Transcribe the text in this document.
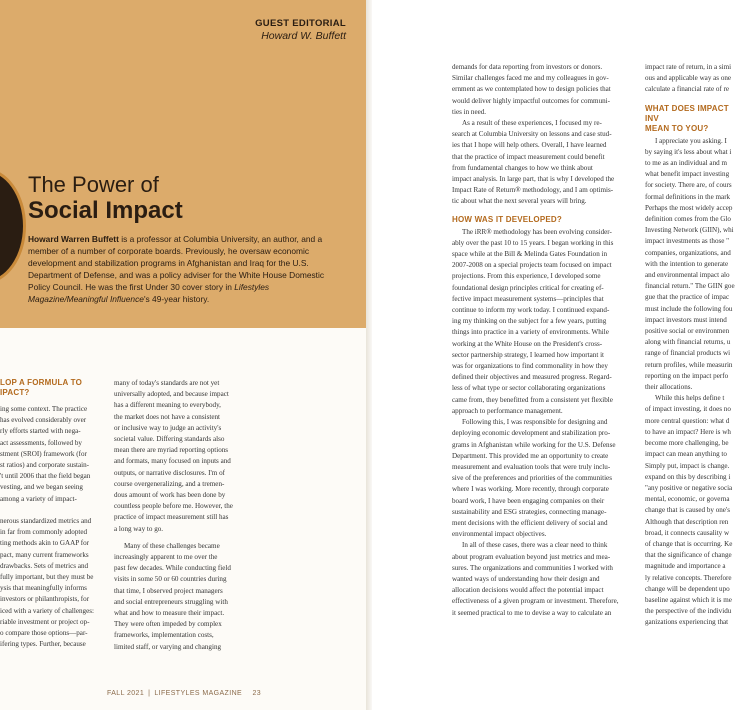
GUEST EDITORIAL
Howard W. Buffett
The Power of
Social Impact
Howard Warren Buffett is a professor at Columbia University, an author, and a member of a number of corporate boards. Previously, he oversaw economic development and stabilization programs in Afghanistan and Iraq for the U.S. Department of Defense, and was a policy adviser for the White House Domestic Policy Council. He was the first Under 30 cover story in Lifestyles Magazine/Meaningful Influence's 49-year history.
LOP A FORMULA TO
IPACT?

ing some context. The practice
has evolved considerably over
rly efforts started with nega-
act assessments, followed by
stment (SROI) framework (for
st ratios) and corporate sustain-
't until 2006 that the field began
vesting, and we began seeing
among a variety of impact-

nerous standardized metrics and
in far from commonly adopted
ting methods akin to GAAP for
pact, many current frameworks
drawbacks. Sets of metrics and
fully important, but they must be
ysis that meaningfully informs
investors or philanthropists, for
iced with a variety of challenges:
riable investment or project op-
o compare those options—par-
ifering types. Further, because

many of today's standards are not yet
universally adopted, and because impact
has a different meaning to everybody,
the market does not have a consistent
or inclusive way to judge an activity's
societal value. Differing standards also
mean there are myriad reporting options
and formats, many focused on inputs and
outputs, or narrative disclosures. I'm of
course overgeneralizing, and a tremen-
dous amount of work has been done by
countless people before me. However, the
practice of impact measurement still has
a long way to go.

Many of these challenges became
increasingly apparent to me over the
past few decades. While conducting field
visits in some 50 or 60 countries during
that time, I observed project managers
and social entrepreneurs struggling with
what and how to measure their impact.
They were often impeded by complex
frameworks, implementation costs,
limited staff, or varying and changing

FALL 2021 | LIFESTYLES MAGAZINE 23

demands for data reporting from investors or donors.
Similar challenges faced me and my colleagues in gov-
ernment as we contemplated how to design policies that
would deliver highly impactful outcomes for communi-
ties in need.

As a result of these experiences, I focused my re-
search at Columbia University on lessons and case stud-
ies that I hope will help others. Overall, I have learned
that the practice of impact measurement could benefit
from fundamental changes to how we think about
impact analysis. In large part, that is why I developed the
Impact Rate of Return® methodology, and I am optimis-
tic about what the next several years will bring.

HOW WAS IT DEVELOPED?

The iRR® methodology has been evolving consider-
ably over the past 10 to 15 years. I began working in this
space while at the Bill & Melinda Gates Foundation in
2007-2008 on a special projects team focused on impact
projections. From this experience, I developed some
foundational design principles critical for creating ef-
fective impact measurement systems—principles that
continue to inform my work today. I continued expand-
ing my thinking on the subject for a few years, putting
things into practice in a variety of environments. While
working at the White House on the President's cross-
sector partnership strategy, I learned how important it
was for organizations to find commonality in how they
defined their objectives and measured progress. Regard-
less of what type or sector collaborating organizations
came from, they benefitted from a consistent yet flexible
approach to performance management.

Following this, I was responsible for designing and
deploying economic development and stabilization pro-
grams in Afghanistan while working for the U.S. Defense
Department. This provided me an opportunity to create
measurement and evaluation tools that were truly inclu-
sive of the preferences and priorities of the communities
where I was working. More recently, through corporate
board work, I have been engaging companies on their
sustainability and ESG strategies, connecting manage-
ment decisions with the efficient delivery of social and
environmental impact objectives.

In all of these cases, there was a clear need to think
about program evaluation beyond just metrics and mea-
sures. The organizations and communities I worked with
wanted ways of understanding how their design and
allocation decisions would affect the potential impact
effectiveness of a given program or investment. Therefore,
it seemed practical to me to devise a way to calculate an

impact rate of return, in a simi
ous and applicable way as one
calculate a financial rate of re

WHAT DOES IMPACT INV
MEAN TO YOU?

I appreciate you asking. I
by saying it's less about what i
to me as an individual and m
what benefit impact investing
for society. There are, of cours
formal definitions in the mark
Perhaps the most widely accep
definition comes from the Glo
Investing Network (GIIN), whi
impact investments as those "
companies, organizations, and
with the intention to generate
and environmental impact alo
financial return." The GIIN goe
gue that the practice of impac
must include the following fou
impact investors must intend
positive social or environmen
along with financial returns, u
range of financial products wi
return profiles, while measurin
reporting on the impact perfo
their allocations.

While this helps define t
of impact investing, it does no
more central question: what d
to have an impact? Here is wh
become more challenging, be
impact can mean anything to
Simply put, impact is change.
expand on this by describing i
"any positive or negative socia
mental, economic, or governa
change that is caused by one's
Although that description ren
broad, it connects causality w
of change that is occurring. Ke
that the significance of change
magnitude and importance a
ly relative concepts. Therefore
change will be dependent upo
baseline against which it is me
the perspective of the individu
ganizations experiencing that
